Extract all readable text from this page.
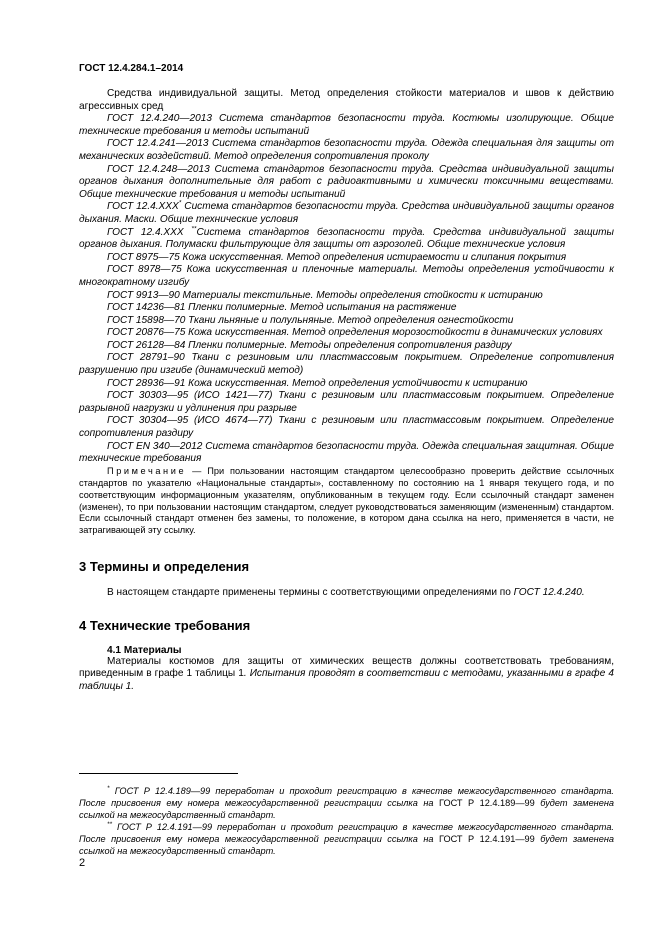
ГОСТ 12.4.284.1–2014

Средства индивидуальной защиты. Метод определения стойкости материалов и швов к действию агрессивных сред

ГОСТ 12.4.240—2013 Система стандартов безопасности труда. Костюмы изолирующие. Общие технические требования и методы испытаний

ГОСТ 12.4.241—2013 Система стандартов безопасности труда. Одежда специальная для защиты от механических воздействий. Метод определения сопротивления проколу

ГОСТ 12.4.248—2013 Система стандартов безопасности труда. Средства индивидуальной защиты органов дыхания дополнительные для работ с радиоактивными и химически токсичными веществами. Общие технические требования и методы испытаний

ГОСТ 12.4.ХХХ* Система стандартов безопасности труда. Средства индивидуальной защиты органов дыхания. Маски. Общие технические условия

ГОСТ 12.4.ХХХ **Система стандартов безопасности труда. Средства индивидуальной защиты органов дыхания. Полумаски фильтрующие для защиты от аэрозолей. Общие технические условия

ГОСТ 8975—75 Кожа искусственная. Метод определения истираемости и слипания покрытия

ГОСТ 8978—75 Кожа искусственная и пленочные материалы. Методы определения устойчивости к многократному изгибу

ГОСТ 9913—90 Материалы текстильные. Методы определения стойкости к истиранию

ГОСТ 14236—81 Пленки полимерные. Метод испытания на растяжение

ГОСТ 15898—70 Ткани льняные и полульняные. Метод определения огнестойкости

ГОСТ 20876—75 Кожа искусственная. Метод определения морозостойкости в динамических условиях

ГОСТ 26128—84 Пленки полимерные. Методы определения сопротивления раздиру

ГОСТ 28791–90 Ткани с резиновым или пластмассовым покрытием. Определение сопротивления разрушению при изгибе (динамический метод)

ГОСТ 28936—91 Кожа искусственная. Метод определения устойчивости к истиранию

ГОСТ 30303—95 (ИСО 1421—77) Ткани с резиновым или пластмассовым покрытием. Определение разрывной нагрузки и удлинения при разрыве

ГОСТ 30304—95 (ИСО 4674—77) Ткани с резиновым или пластмассовым покрытием. Определение сопротивления раздиру

ГОСТ EN 340—2012 Система стандартов безопасности труда. Одежда специальная защитная. Общие технические требования

Примечание — При пользовании настоящим стандартом целесообразно проверить действие ссылочных стандартов по указателю «Национальные стандарты», составленному по состоянию на 1 января текущего года, и по соответствующим информационным указателям, опубликованным в текущем году. Если ссылочный стандарт заменен (изменен), то при пользовании настоящим стандартом, следует руководствоваться заменяющим (измененным) стандартом. Если ссылочный стандарт отменен без замены, то положение, в котором дана ссылка на него, применяется в части, не затрагивающей эту ссылку.

3 Термины и определения

В настоящем стандарте применены термины с соответствующими определениями по ГОСТ 12.4.240.

4 Технические требования

4.1 Материалы

Материалы костюмов для защиты от химических веществ должны соответствовать требованиям, приведенным в графе 1 таблицы 1. Испытания проводят в соответствии с методами, указанными в графе 4 таблицы 1.

* ГОСТ Р 12.4.189—99 переработан и проходит регистрацию в качестве межгосударственного стандарта. После присвоения ему номера межгосударственной регистрации ссылка на ГОСТ Р 12.4.189—99 будет заменена ссылкой на межгосударственный стандарт.

** ГОСТ Р 12.4.191—99 переработан и проходит регистрацию в качестве межгосударственного стандарта. После присвоения ему номера межгосударственной регистрации ссылка на ГОСТ Р 12.4.191—99 будет заменена ссылкой на межгосударственный стандарт.

2
